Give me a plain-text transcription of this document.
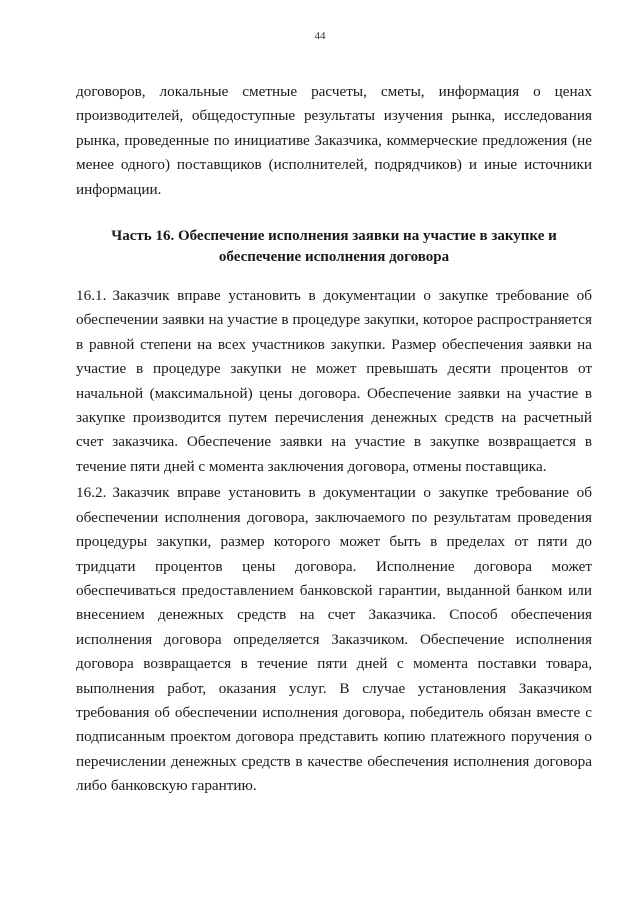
44

договоров, локальные сметные расчеты, сметы, информация о ценах производителей, общедоступные результаты изучения рынка, исследования рынка, проведенные по инициативе Заказчика, коммерческие предложения (не менее одного) поставщиков (исполнителей, подрядчиков) и иные источники информации.

Часть 16. Обеспечение исполнения заявки на участие в закупке и
обеспечение исполнения договора

16.1. Заказчик вправе установить в документации о закупке требование об обеспечении заявки на участие в процедуре закупки, которое распространяется в равной степени на всех участников закупки. Размер обеспечения заявки на участие в процедуре закупки не может превышать десяти процентов от начальной (максимальной) цены договора. Обеспечение заявки на участие в закупке производится путем перечисления денежных средств на расчетный счет заказчика. Обеспечение заявки на участие в закупке возвращается в течение пяти дней с момента заключения договора, отмены поставщика.

16.2. Заказчик вправе установить в документации о закупке требование об обеспечении исполнения договора, заключаемого по результатам проведения процедуры закупки, размер которого может быть в пределах от пяти до тридцати процентов цены договора. Исполнение договора может обеспечиваться предоставлением банковской гарантии, выданной банком или внесением денежных средств на счет Заказчика. Способ обеспечения исполнения договора определяется Заказчиком. Обеспечение исполнения договора возвращается в течение пяти дней с момента поставки товара, выполнения работ, оказания услуг. В случае установления Заказчиком требования об обеспечении исполнения договора, победитель обязан вместе с подписанным проектом договора представить копию платежного поручения о перечислении денежных средств в качестве обеспечения исполнения договора либо банковскую гарантию.
